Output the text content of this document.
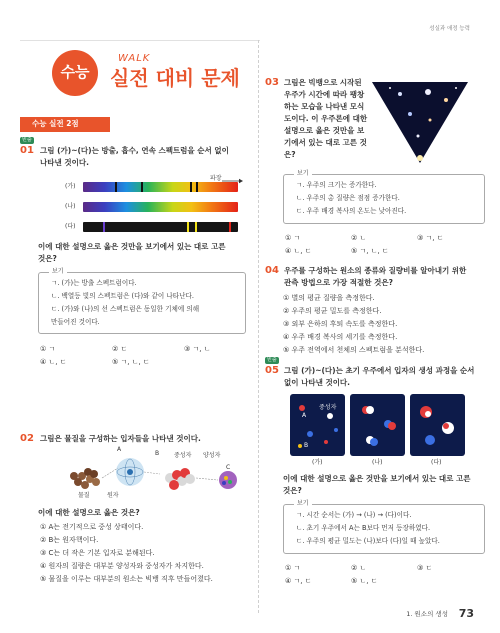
성실과 애정 능력
수능
WALK
실전 대비 문제
수능 실전 2점
빈출
01 그림 (가)~(다)는 방출, 흡수, 연속 스펙트럼을 순서 없이
나타낸 것이다.
파장
(가)
(나)
(다)
이에 대한 설명으로 옳은 것만을 보기에서 있는 대로 고른
것은?
보기
ㄱ. (가)는 방출 스펙트럼이다.
ㄴ. 백열등 빛의 스펙트럼은 (다)와 같이 나타난다.
ㄷ. (가)와 (나)의 선 스펙트럼은 동일한 기체에 의해
만들어진 것이다.
① ㄱ	② ㄷ	③ ㄱ, ㄴ
④ ㄴ, ㄷ	⑤ ㄱ, ㄴ, ㄷ
02 그림은 물질을 구성하는 입자들을 나타낸 것이다.
A
B 중성자 양성자
C
물질	원자
이에 대한 설명으로 옳은 것은?
① A는 전기적으로 중성 상태이다.
② B는 원자핵이다.
③ C는 더 작은 기본 입자로 분해된다.
④ 원자의 질량은 대부분 양성자와 중성자가 차지한다.
⑤ 물질을 이루는 대부분의 원소는 빅뱅 직후 만들어졌다.
03 그림은 빅뱅으로 시작된
우주가 시간에 따라 팽창
하는 모습을 나타낸 모식
도이다. 이 우주론에 대한
설명으로 옳은 것만을 보
기에서 있는 대로 고른 것
은?
보기
ㄱ. 우주의 크기는 증가한다.
ㄴ. 우주의 총 질량은 점점 증가한다.
ㄷ. 우주 배경 복사의 온도는 낮아진다.
① ㄱ	② ㄴ	③ ㄱ, ㄷ
④ ㄴ, ㄷ	⑤ ㄱ, ㄴ, ㄷ
04 우주를 구성하는 원소의 종류와 질량비를 알아내기 위한
관측 방법으로 가장 적절한 것은?
① 별의 평균 질량을 측정한다.
② 우주의 평균 밀도를 측정한다.
③ 외부 은하의 후퇴 속도를 측정한다.
④ 우주 배경 복사의 세기를 측정한다.
⑤ 우주 전역에서 천체의 스펙트럼을 분석한다.
빈출
05 그림 (가)~(다)는 초기 우주에서 입자의 생성 과정을 순서
없이 나타낸 것이다.
A
B
중성자
(가)	(나)	(다)
이에 대한 설명으로 옳은 것만을 보기에서 있는 대로 고른
것은?
보기
ㄱ. 시간 순서는 (가) → (나) → (다)이다.
ㄴ. 초기 우주에서 A는 B보다 먼저 등장하였다.
ㄷ. 우주의 평균 밀도는 (나)보다 (다)일 때 높았다.
① ㄱ	② ㄴ	③ ㄷ
④ ㄱ, ㄷ	⑤ ㄴ, ㄷ
1. 원소의 생성 73
